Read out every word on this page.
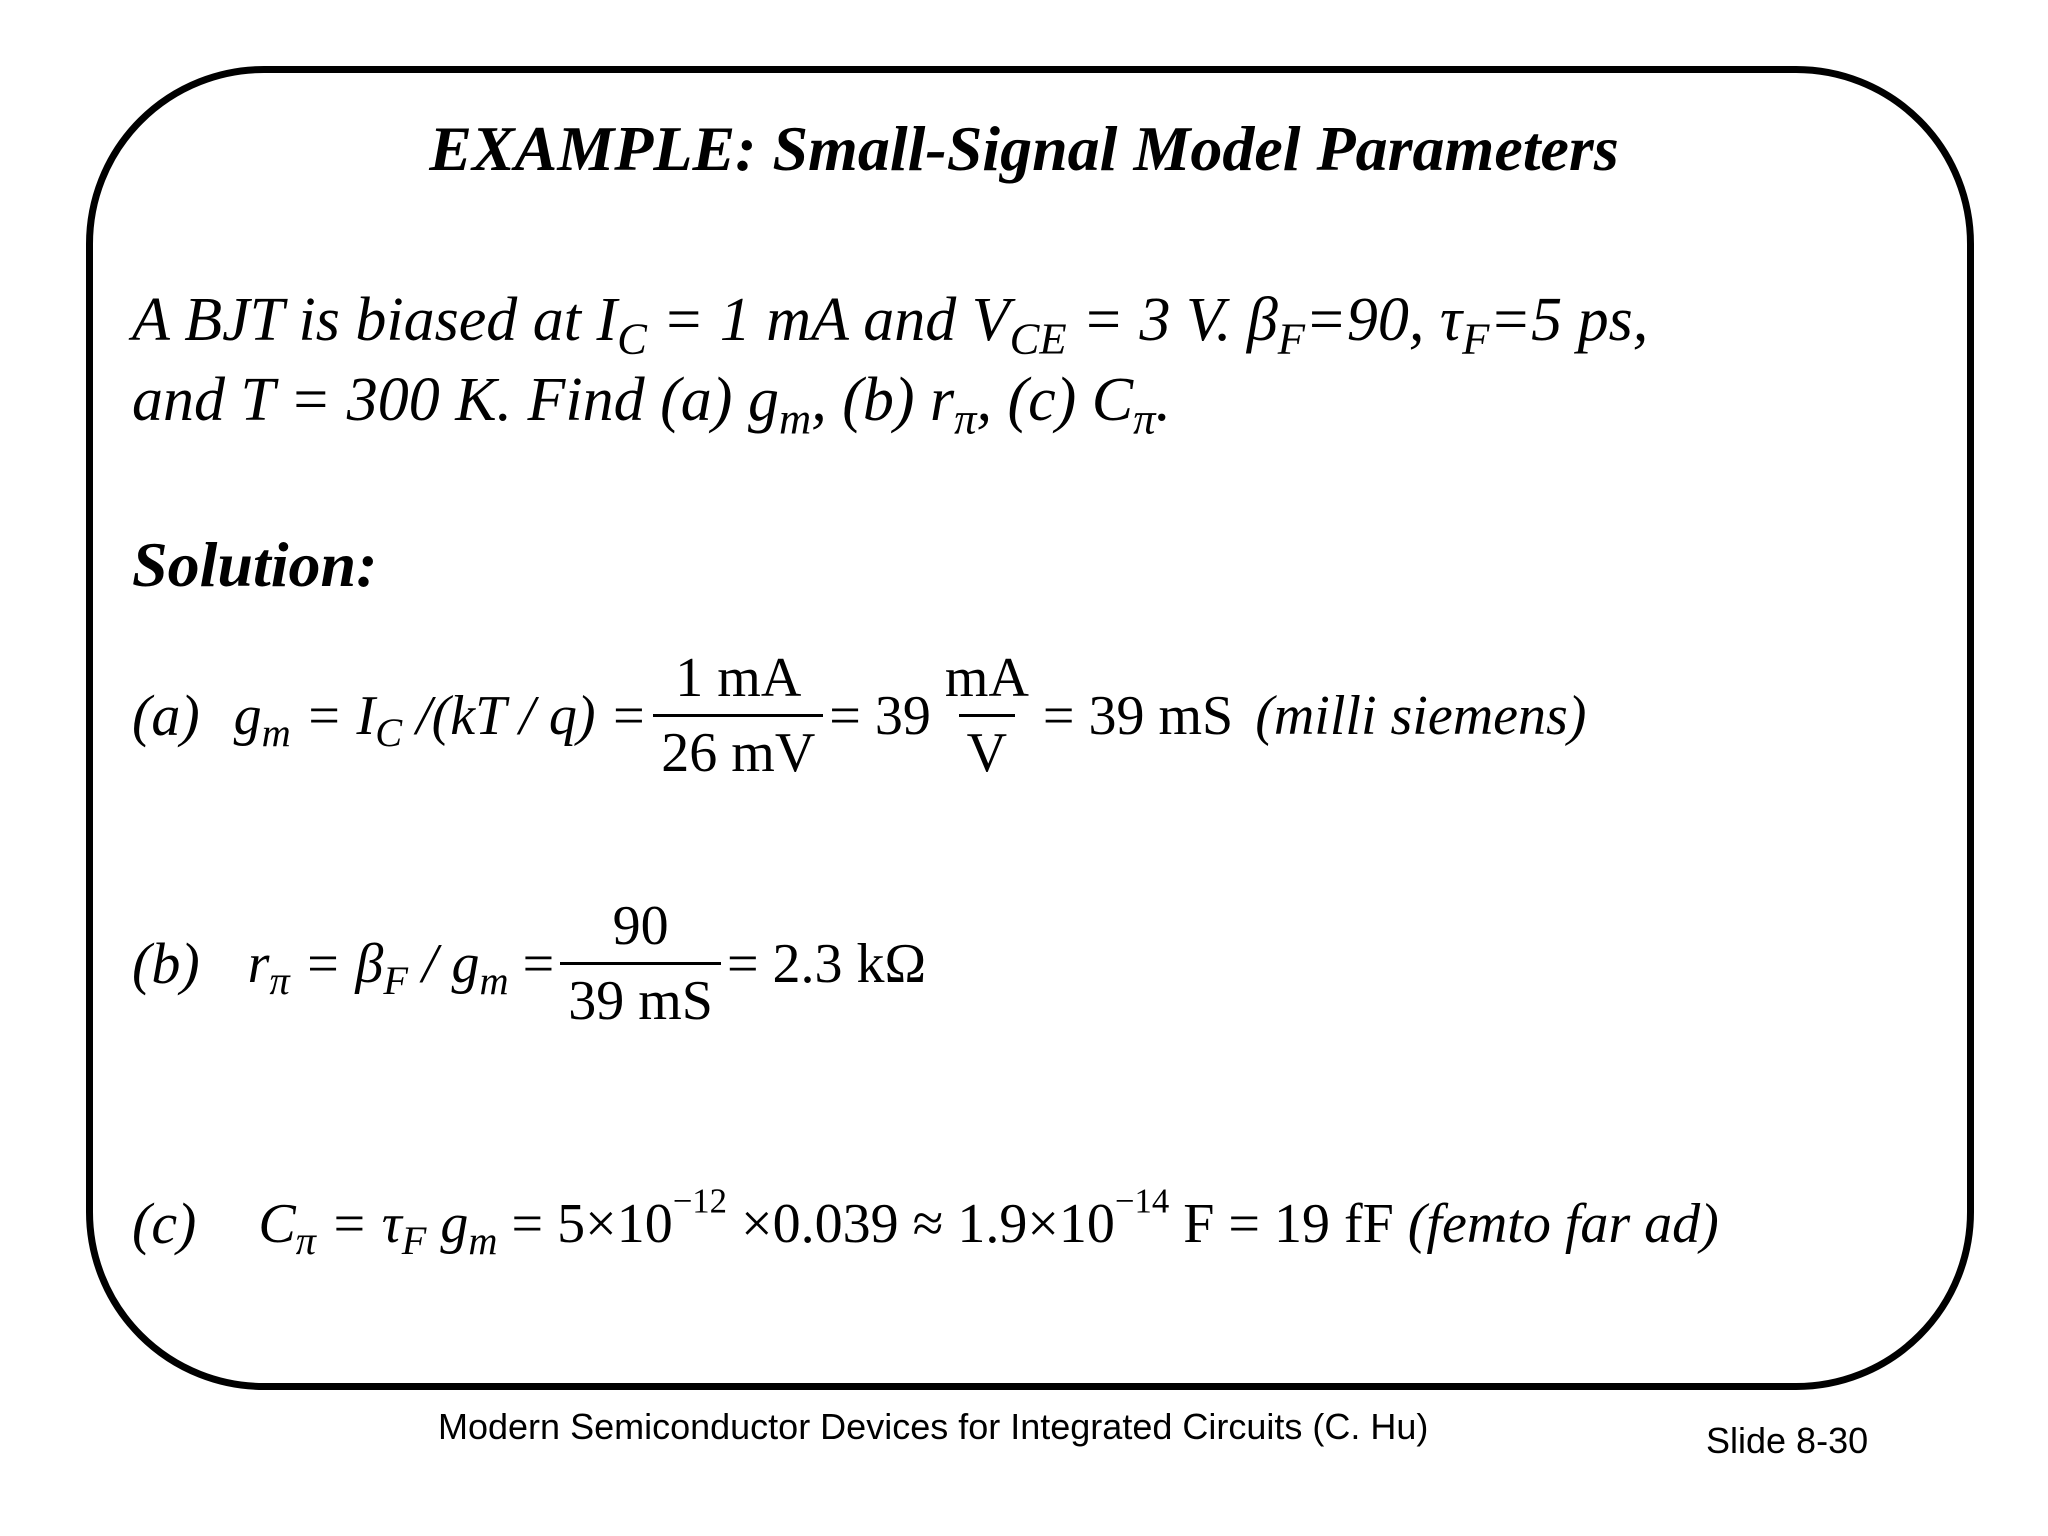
EXAMPLE: Small-Signal Model Parameters
A BJT is biased at $I_C = 1$ mA and $V_{CE} = 3$ V. $\beta_F=90$, $\tau_F=5$ ps,
and T = 300 K. Find (a) $g_m$, (b) $r_\pi$, (c) $C_\pi$.
Solution:
(a) $g_m = I_C$ $/(kT / q) = \frac{1 mA}{26 mV} = 39 \frac{mA}{V} = 39$ mS (milli siemens)
(b) $r_\pi = \beta_F / g_m = \frac{90}{39 mS} = 2.3$ kΩ
(c) $C_\pi = \tau_F$ $g_m = 5\times 10^{-12} \times 0.039 \approx 1.9\times 10^{-14}$ F = 19 fF (femto far ad)
Modern Semiconductor Devices for Integrated Circuits (C. Hu)	Slide 8-30
